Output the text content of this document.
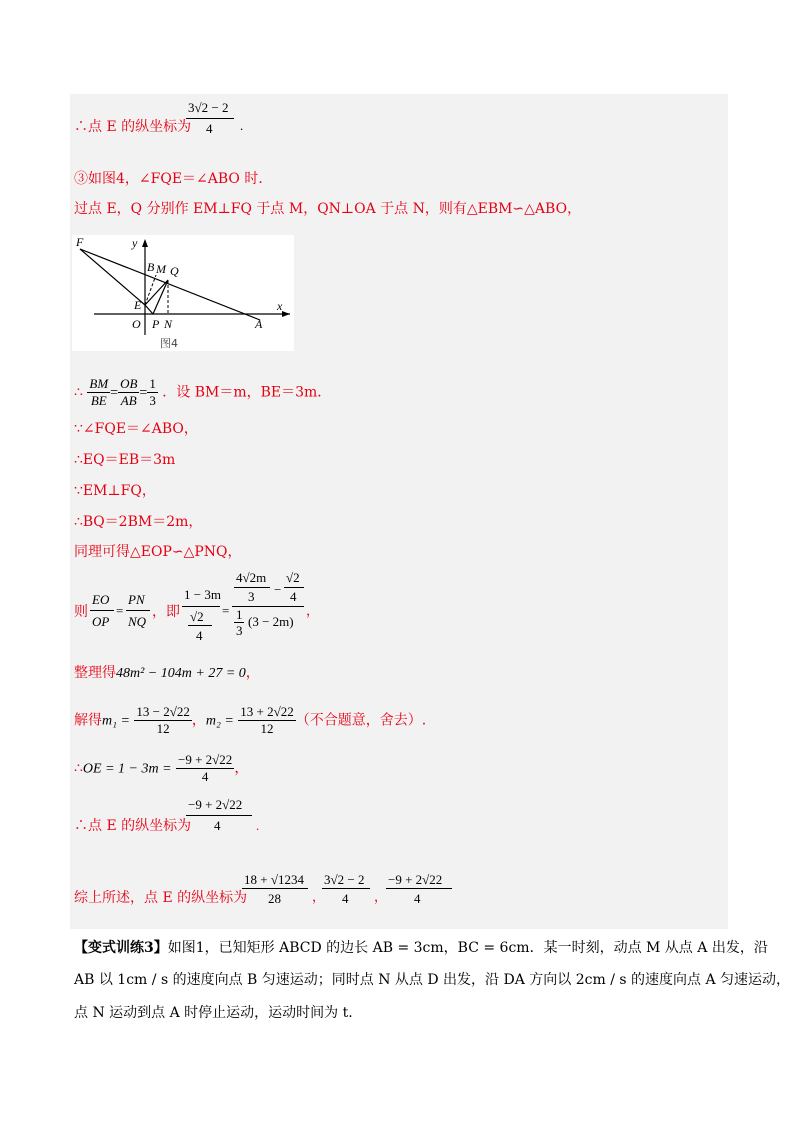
∴点 E 的纵坐标为
3√2 − 2
4 .
③如图4，∠FQE＝∠ABO 时．
过点 E，Q 分别作 EM⊥FQ 于点 M，QN⊥OA 于点 N，则有△EBM∽△ABO，
F	y
B M Q
E
O P N	A
x
图4
∴ $\frac{BM}{BE} = \frac{OB}{AB} = \frac{1}{3}$ ．设 BM＝m，BE＝3m．
∵∠FQE＝∠ABO，
∴EQ＝EB＝3m
∵EM⊥FQ，
∴BQ＝2BM＝2m，
同理可得△EOP∽△PNQ，
则
EO
OP
=
PN
NQ
，即
1 − 3m
√2
4
=
4√2m
3 −
√2
4
1
3
(3 − 2m)
，
整理得48m² − 104m + 27 = 0，
解得$m_1 = \frac{13 - 2√22}{12}$ ，$m_2 = \frac{13 + 2√22}{12}$ （不合题意，舍去）.
∴OE = $1 - 3m = \frac{-9 + 2√22}{4}$ ，
∴点 E 的纵坐标为
−9 + 2√22
4	.
综上所述，点 E 的纵坐标为
18 + √1234
28 ，
3√2 − 2
4 ，
−9 + 2√22
4
【变式训练3】如图1，已知矩形 ABCD 的边长 AB = 3cm，BC = 6cm．某一时刻，动点 M 从点 A 出发，沿
AB 以 1cm / s 的速度向点 B 匀速运动；同时点 N 从点 D 出发，沿 DA 方向以 2cm / s 的速度向点 A 匀速运动，
点 N 运动到点 A 时停止运动，运动时间为 t.
